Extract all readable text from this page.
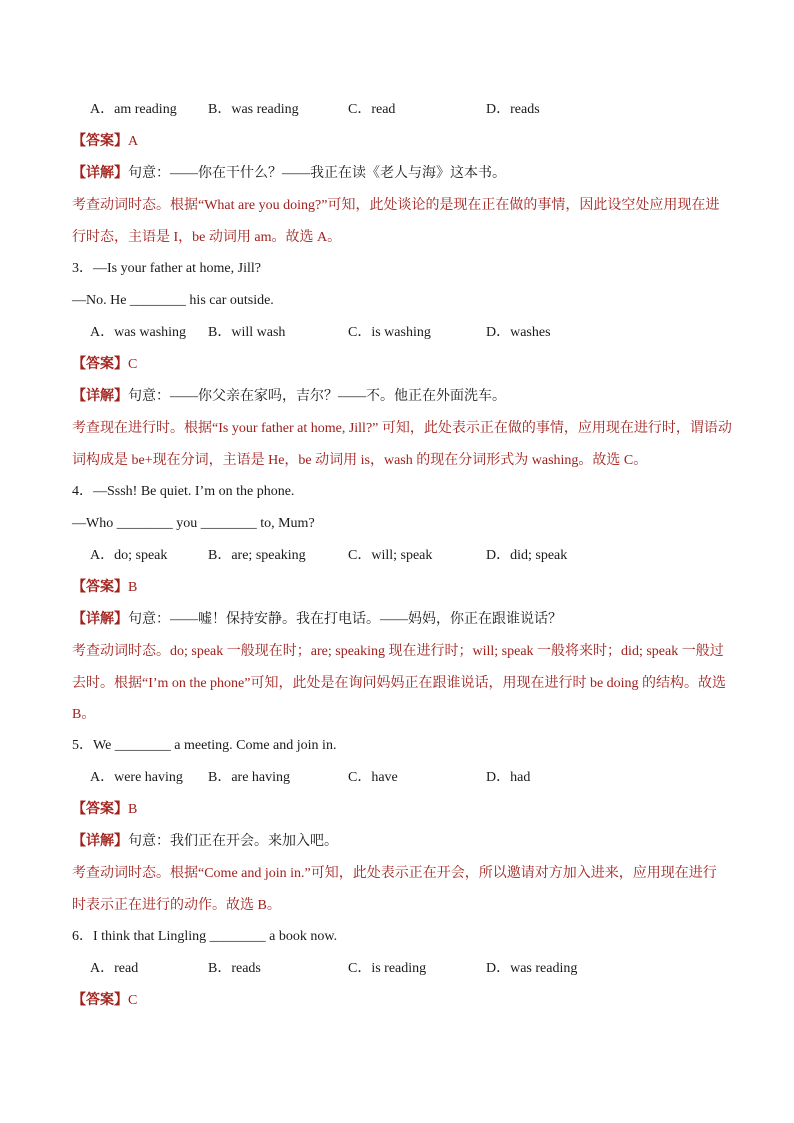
A．am reading B．was reading	C．read	D．reads
【答案】A
【详解】句意：——你在干什么？——我正在读《老人与海》这本书。
考查动词时态。根据“What are you doing?”可知，此处谈论的是现在正在做的事情，因此设空处应用现在进
行时态，主语是 I，be 动词用 am。故选 A。
3．—Is your father at home, Jill?
—No. He ________ his car outside.
A．was washing B．will wash	C．is washing	D．washes
【答案】C
【详解】句意：——你父亲在家吗，吉尔？——不。他正在外面洗车。
考查现在进行时。根据“Is your father at home, Jill?” 可知，此处表示正在做的事情，应用现在进行时，谓语动
词构成是 be+现在分词，主语是 He，be 动词用 is，wash 的现在分词形式为 washing。故选 C。
4．—Sssh! Be quiet. I’m on the phone.
—Who ________ you ________ to, Mum?
A．do; speak	B．are; speaking	C．will; speak	D．did; speak
【答案】B
【详解】句意：——嘘！保持安静。我在打电话。——妈妈，你正在跟谁说话？
考查动词时态。do; speak 一般现在时；are; speaking 现在进行时；will; speak 一般将来时；did; speak 一般过
去时。根据“I’m on the phone”可知，此处是在询问妈妈正在跟谁说话，用现在进行时 be doing 的结构。故选
B。
5．We ________ a meeting. Come and join in.
A．were having B．are having	C．have	D．had
【答案】B
【详解】句意：我们正在开会。来加入吧。
考查动词时态。根据“Come and join in.”可知，此处表示正在开会，所以邀请对方加入进来，应用现在进行
时表示正在进行的动作。故选 B。
6．I think that Lingling ________ a book now.
A．read	B．reads	C．is reading	D．was reading
【答案】C
